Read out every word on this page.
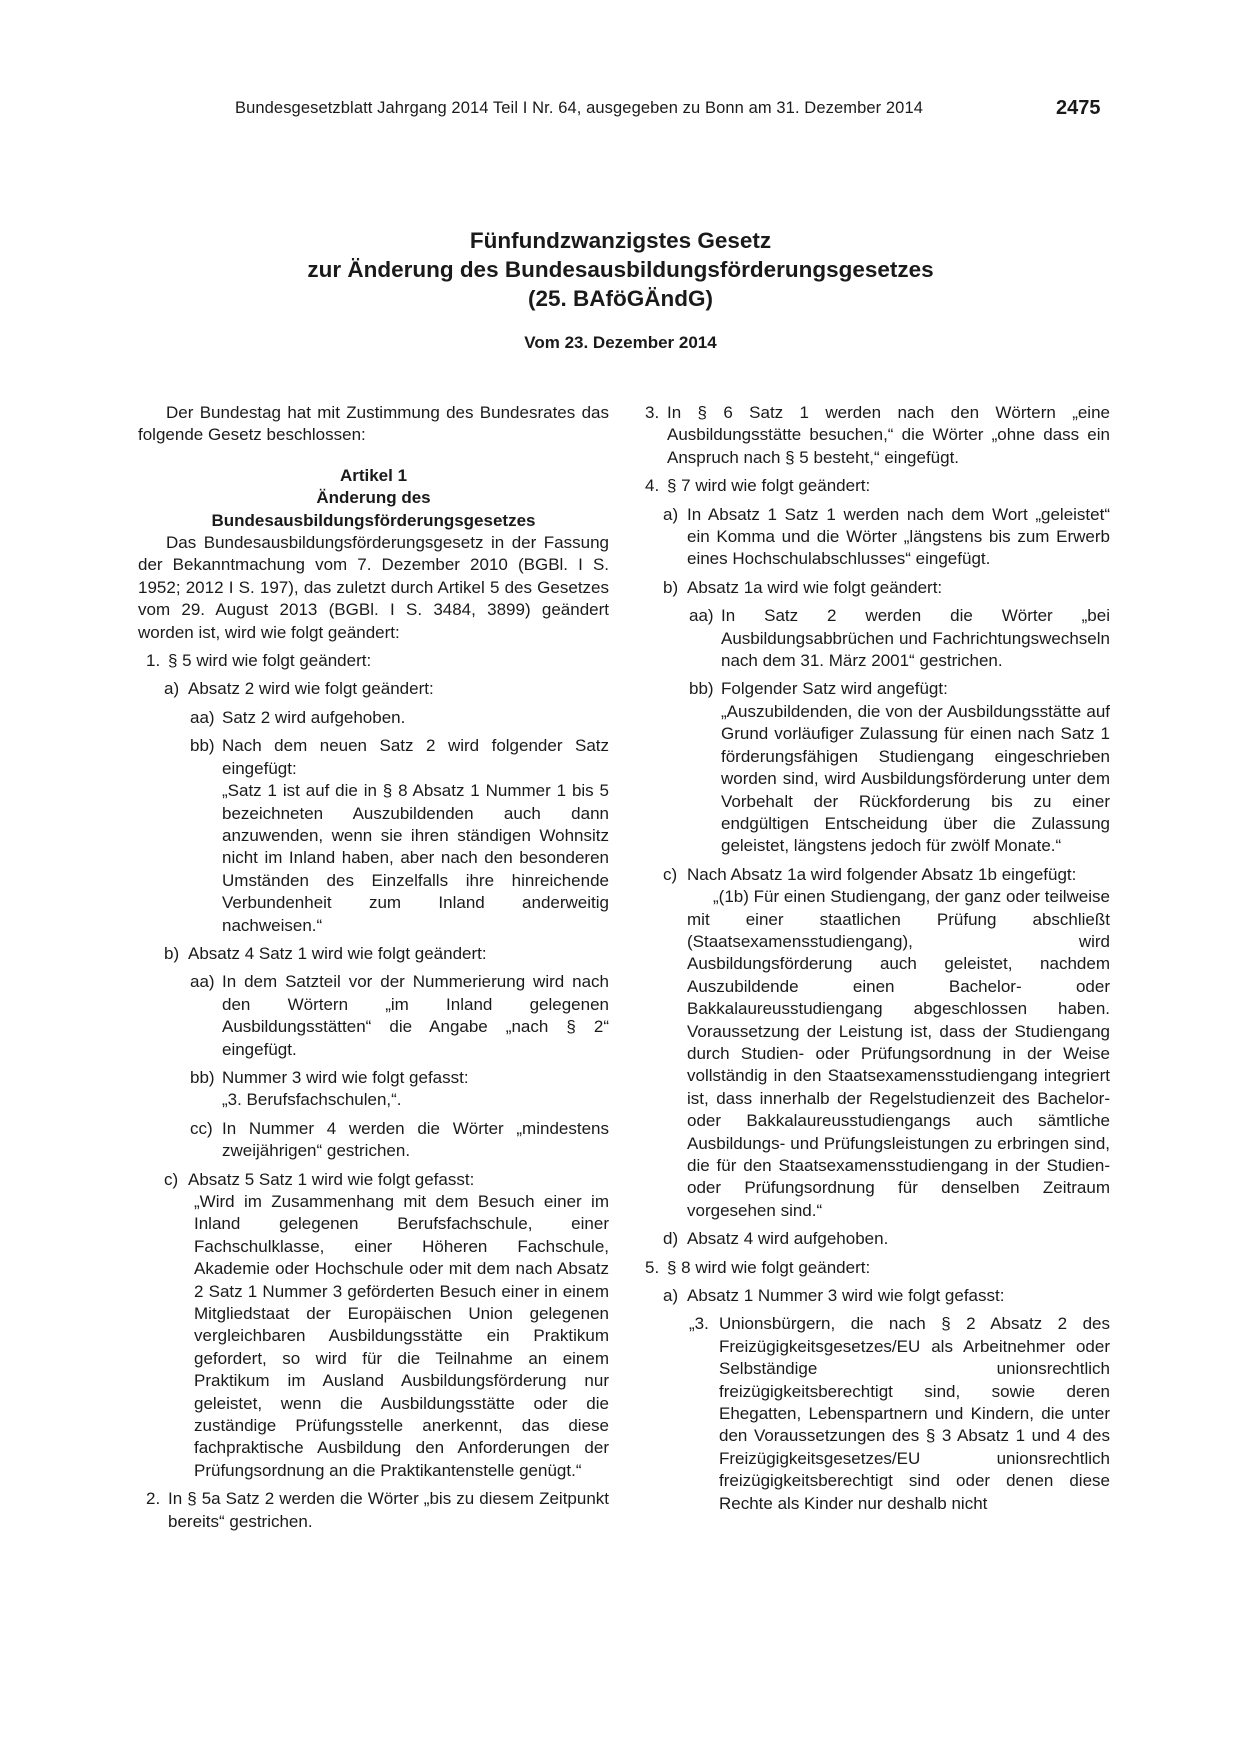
Bundesgesetzblatt Jahrgang 2014 Teil I Nr. 64, ausgegeben zu Bonn am 31. Dezember 2014	2475
Fünfundzwanzigstes Gesetz
zur Änderung des Bundesausbildungsförderungsgesetzes
(25. BAföGÄndG)
Vom 23. Dezember 2014

Der Bundestag hat mit Zustimmung des Bundesrates das folgende Gesetz beschlossen:

Artikel 1

Änderung des

Bundesausbildungsförderungsgesetzes

Das Bundesausbildungsförderungsgesetz in der Fassung der Bekanntmachung vom 7. Dezember 2010 (BGBl. I S. 1952; 2012 I S. 197), das zuletzt durch Artikel 5 des Gesetzes vom 29. August 2013 (BGBl. I S. 3484, 3899) geändert worden ist, wird wie folgt geändert:

1. § 5 wird wie folgt geändert:
a) Absatz 2 wird wie folgt geändert:
aa) Satz 2 wird aufgehoben.
bb) Nach dem neuen Satz 2 wird folgender Satz eingefügt:

„Satz 1 ist auf die in § 8 Absatz 1 Nummer 1 bis 5 bezeichneten Auszubildenden auch dann anzuwenden, wenn sie ihren ständigen Wohnsitz nicht im Inland haben, aber nach den besonderen Umständen des Einzelfalls ihre hinreichende Verbundenheit zum Inland anderweitig nachweisen.“

b) Absatz 4 Satz 1 wird wie folgt geändert:
aa) In dem Satzteil vor der Nummerierung wird nach den Wörtern „im Inland gelegenen Ausbildungsstätten“ die Angabe „nach § 2“ eingefügt.
bb) Nummer 3 wird wie folgt gefasst:

„3. Berufsfachschulen,“.

cc) In Nummer 4 werden die Wörter „mindestens zweijährigen“ gestrichen.
c) Absatz 5 Satz 1 wird wie folgt gefasst:

„Wird im Zusammenhang mit dem Besuch einer im Inland gelegenen Berufsfachschule, einer Fachschulklasse, einer Höheren Fachschule, Akademie oder Hochschule oder mit dem nach Absatz 2 Satz 1 Nummer 3 geförderten Besuch einer in einem Mitgliedstaat der Europäischen Union gelegenen vergleichbaren Ausbildungsstätte ein Praktikum gefordert, so wird für die Teilnahme an einem Praktikum im Ausland Ausbildungsförderung nur geleistet, wenn die Ausbildungsstätte oder die zuständige Prüfungsstelle anerkennt, das diese fachpraktische Ausbildung den Anforderungen der Prüfungsordnung an die Praktikantenstelle genügt.“

2. In § 5a Satz 2 werden die Wörter „bis zu diesem Zeitpunkt bereits“ gestrichen.
3. In § 6 Satz 1 werden nach den Wörtern „eine Ausbildungsstätte besuchen,“ die Wörter „ohne dass ein Anspruch nach § 5 besteht,“ eingefügt.
4. § 7 wird wie folgt geändert:
a) In Absatz 1 Satz 1 werden nach dem Wort „geleistet“ ein Komma und die Wörter „längstens bis zum Erwerb eines Hochschulabschlusses“ eingefügt.
b) Absatz 1a wird wie folgt geändert:
aa) In Satz 2 werden die Wörter „bei Ausbildungsabbrüchen und Fachrichtungswechseln nach dem 31. März 2001“ gestrichen.
bb) Folgender Satz wird angefügt:

„Auszubildenden, die von der Ausbildungsstätte auf Grund vorläufiger Zulassung für einen nach Satz 1 förderungsfähigen Studiengang eingeschrieben worden sind, wird Ausbildungsförderung unter dem Vorbehalt der Rückforderung bis zu einer endgültigen Entscheidung über die Zulassung geleistet, längstens jedoch für zwölf Monate.“

c) Nach Absatz 1a wird folgender Absatz 1b eingefügt:

„(1b) Für einen Studiengang, der ganz oder teilweise mit einer staatlichen Prüfung abschließt (Staatsexamensstudiengang), wird Ausbildungsförderung auch geleistet, nachdem Auszubildende einen Bachelor- oder Bakkalaureusstudiengang abgeschlossen haben. Voraussetzung der Leistung ist, dass der Studiengang durch Studien- oder Prüfungsordnung in der Weise vollständig in den Staatsexamensstudiengang integriert ist, dass innerhalb der Regelstudienzeit des Bachelor- oder Bakkalaureusstudiengangs auch sämtliche Ausbildungs- und Prüfungsleistungen zu erbringen sind, die für den Staatsexamensstudiengang in der Studien- oder Prüfungsordnung für denselben Zeitraum vorgesehen sind.“

d) Absatz 4 wird aufgehoben.
5. § 8 wird wie folgt geändert:
a) Absatz 1 Nummer 3 wird wie folgt gefasst:
„3. Unionsbürgern, die nach § 2 Absatz 2 des Freizügigkeitsgesetzes/EU als Arbeitnehmer oder Selbständige unionsrechtlich freizügigkeitsberechtigt sind, sowie deren Ehegatten, Lebenspartnern und Kindern, die unter den Voraussetzungen des § 3 Absatz 1 und 4 des Freizügigkeitsgesetzes/EU unionsrechtlich freizügigkeitsberechtigt sind oder denen diese Rechte als Kinder nur deshalb nicht
